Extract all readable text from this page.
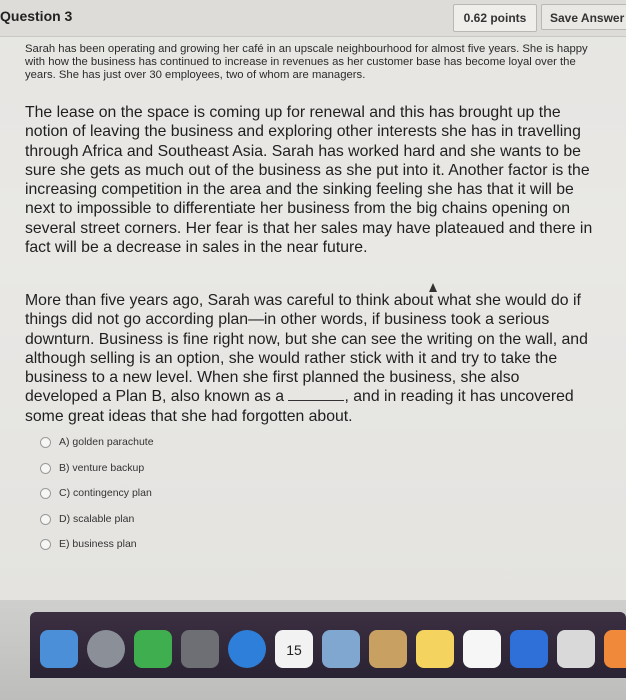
Question 3	0.62 points	Save Answer
Sarah has been operating and growing her café in an upscale neighbourhood for almost five years. She is happy with how the business has continued to increase in revenues as her customer base has become loyal over the years. She has just over 30 employees, two of whom are managers.
The lease on the space is coming up for renewal and this has brought up the notion of leaving the business and exploring other interests she has in travelling through Africa and Southeast Asia. Sarah has worked hard and she wants to be sure she gets as much out of the business as she put into it. Another factor is the increasing competition in the area and the sinking feeling she has that it will be next to impossible to differentiate her business from the big chains opening on several street corners. Her fear is that her sales may have plateaued and there in fact will be a decrease in sales in the near future.
More than five years ago, Sarah was careful to think about what she would do if things did not go according plan—in other words, if business took a serious downturn. Business is fine right now, but she can see the writing on the wall, and although selling is an option, she would rather stick with it and try to take the business to a new level. When she first planned the business, she also developed a Plan B, also known as a	, and in reading it has uncovered some great ideas that she had forgotten about.
A) golden parachute
B) venture backup
C) contingency plan
D) scalable plan
E) business plan
15
